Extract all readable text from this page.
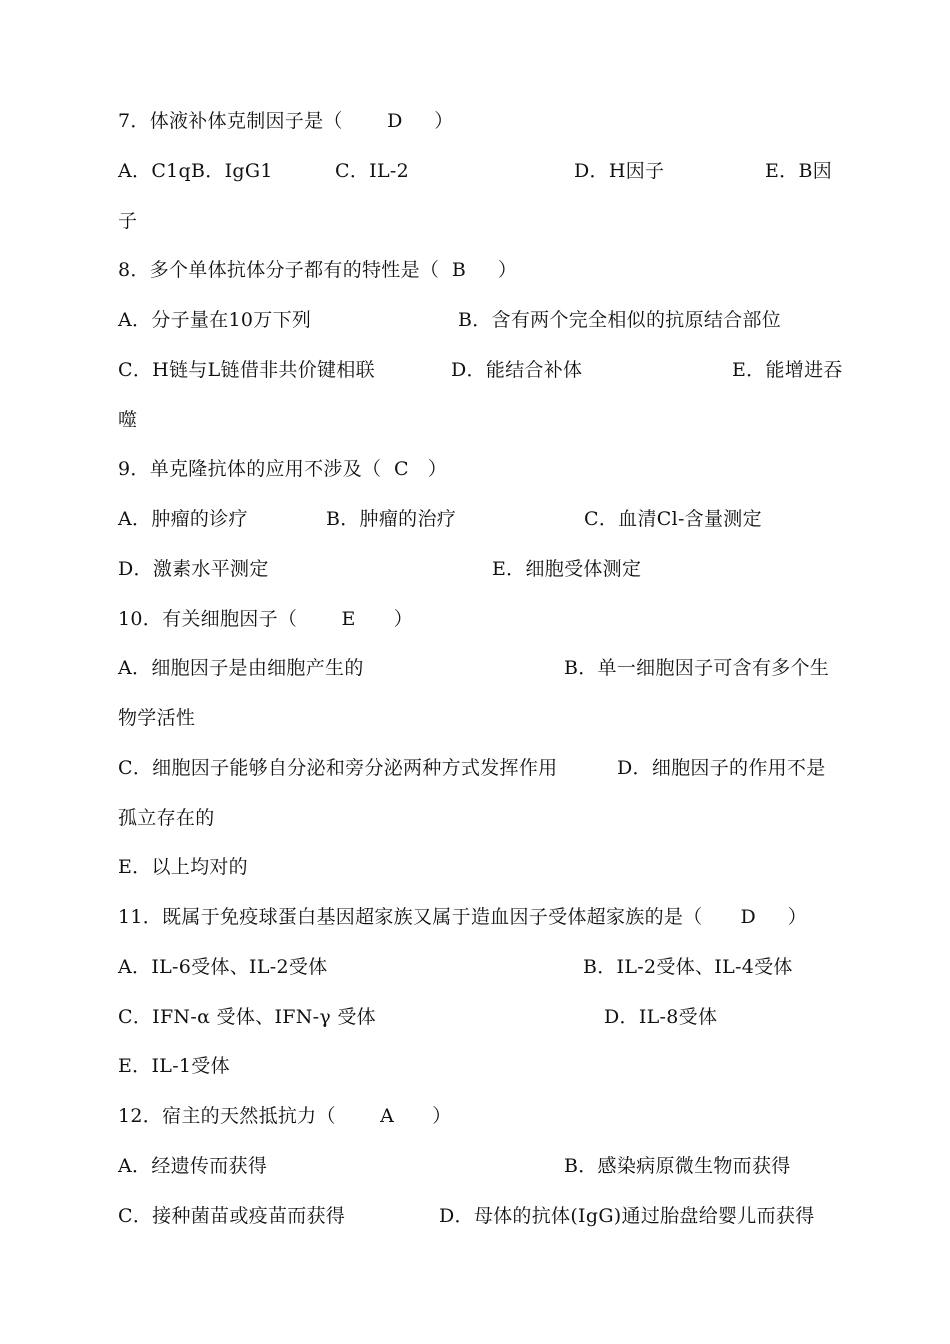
7．体液补体克制因子是（       D     ）

A．C1qB．IgG1

	C．IL-2

	D．H因子

	E．B因

子

8．多个单体抗体分子都有的特性是（  B     ）

A．分子量在10万下列

	B．含有两个完全相似的抗原结合部位

C．H链与L链借非共价键相联

	D．能结合补体

	E．能增进吞

噬

9．单克隆抗体的应用不涉及（  C   ）

A．肿瘤的诊疗

	B．肿瘤的治疗

	C．血清Cl-含量测定

D．激素水平测定

	E．细胞受体测定

10．有关细胞因子（       E      ）

A．细胞因子是由细胞产生的

	B．单一细胞因子可含有多个生

物学活性

C．细胞因子能够自分泌和旁分泌两种方式发挥作用

	D．细胞因子的作用不是

孤立存在的

E．以上均对的

11．既属于免疫球蛋白基因超家族又属于造血因子受体超家族的是（      D     ）

A．IL-6受体、IL-2受体

	B．IL-2受体、IL-4受体

C．IFN-α 受体、IFN-γ 受体

	D．IL-8受体

E．IL-1受体

12．宿主的天然抵抗力（       A      ）

A．经遗传而获得

	B．感染病原微生物而获得

C．接种菌苗或疫苗而获得

	D．母体的抗体(IgG)通过胎盘给婴儿而获得
